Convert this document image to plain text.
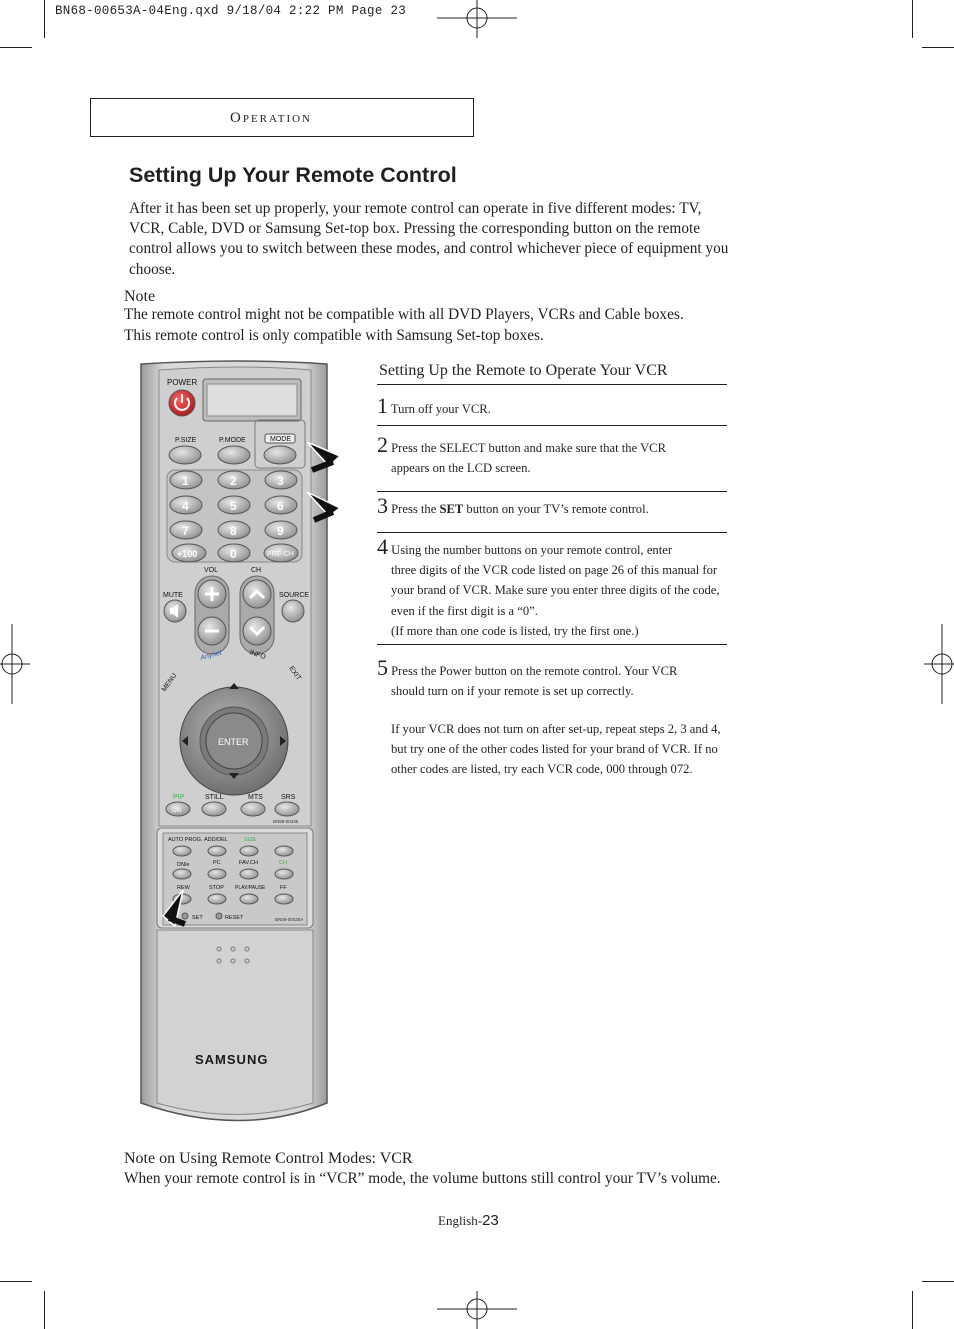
BN68-00653A-04Eng.qxd 9/18/04 2:22 PM Page 23
Operation
Setting Up Your Remote Control
After it has been set up properly, your remote control can operate in five different modes: TV, VCR, Cable, DVD or Samsung Set-top box. Pressing the corresponding button on the remote control allows you to switch between these modes, and control whichever piece of equipment you choose.
Note
The remote control might not be compatible with all DVD Players, VCRs and Cable boxes.
This remote control is only compatible with Samsung Set-top boxes.
Setting Up the Remote to Operate Your VCR
1 Turn off your VCR.
2 Press the SELECT button and make sure that the VCR
appears on the LCD screen.
3 Press the SET button on your TV’s remote control.
4 Using the number buttons on your remote control, enter
three digits of the VCR code listed on page 26 of this manual for your brand of VCR. Make sure you enter three digits of the code, even if the first digit is a “0”.
(If more than one code is listed, try the first one.)
5 Press the Power button on the remote control. Your VCR
should turn on if your remote is set up correctly.
If your VCR does not turn on after set-up, repeat steps 2, 3 and 4, but try one of the other codes listed for your brand of VCR. If no other codes are listed, try each VCR code, 000 through 072.
POWER
P.SIZE	P.MODE	MODE
1	2	3
4	5	6
7	8	9
+100	0	PRE-CH
VOL	CH
MUTE	SOURCE
Anynet	INFO
MENU	EXIT
ENTER
PIP	STILL	MTS	SRS
ON
BN59-00435
AUTO PROG. ADD/DEL	SIZE
DNIe	PC	FAV.CH	CH
REW	STOP PLAY/PAUSE	FF
SET	RESET	BN59-00435A
SAMSUNG
Note on Using Remote Control Modes: VCR
When your remote control is in “VCR” mode, the volume buttons still control your TV’s volume.
English-23
